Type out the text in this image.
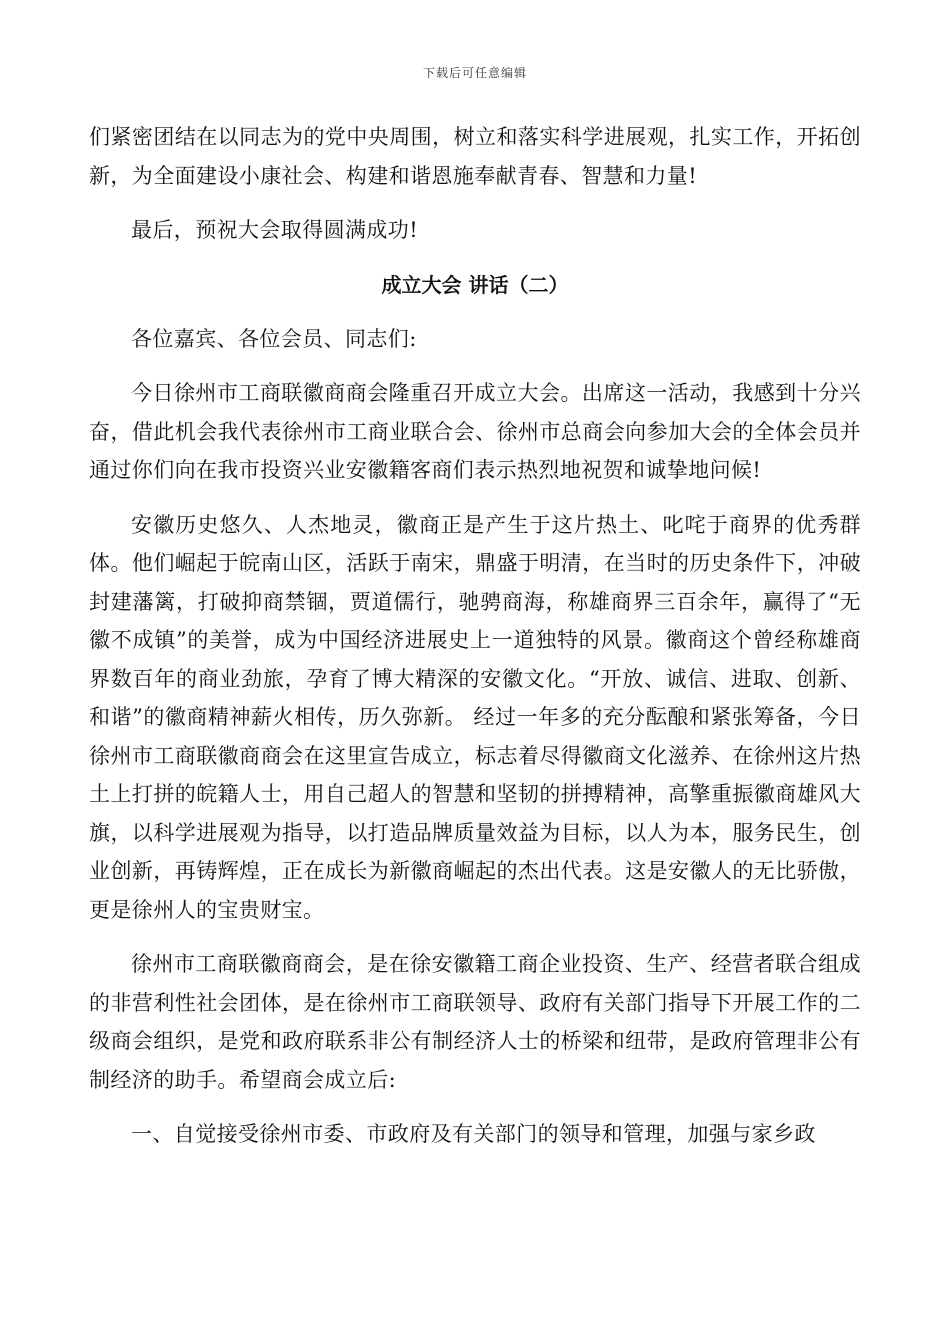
下载后可任意编辑

们紧密团结在以同志为的党中央周围，树立和落实科学进展观，扎实工作，开拓创新，为全面建设小康社会、构建和谐恩施奉献青春、智慧和力量!

最后，预祝大会取得圆满成功!

成立大会 讲话（二）

各位嘉宾、各位会员、同志们:

今日徐州市工商联徽商商会隆重召开成立大会。出席这一活动，我感到十分兴奋，借此机会我代表徐州市工商业联合会、徐州市总商会向参加大会的全体会员并通过你们向在我市投资兴业安徽籍客商们表示热烈地祝贺和诚挚地问候!

安徽历史悠久、人杰地灵，徽商正是产生于这片热土、叱咤于商界的优秀群体。他们崛起于皖南山区，活跃于南宋，鼎盛于明清，在当时的历史条件下，冲破封建藩篱，打破抑商禁锢，贾道儒行，驰骋商海，称雄商界三百余年，赢得了“无徽不成镇”的美誉，成为中国经济进展史上一道独特的风景。徽商这个曾经称雄商界数百年的商业劲旅，孕育了博大精深的安徽文化。“开放、诚信、进取、创新、和谐”的徽商精神薪火相传，历久弥新。 经过一年多的充分酝酿和紧张筹备，今日徐州市工商联徽商商会在这里宣告成立，标志着尽得徽商文化滋养、在徐州这片热土上打拼的皖籍人士，用自己超人的智慧和坚韧的拼搏精神，高擎重振徽商雄风大旗，以科学进展观为指导，以打造品牌质量效益为目标，以人为本，服务民生，创业创新，再铸辉煌，正在成长为新徽商崛起的杰出代表。这是安徽人的无比骄傲，更是徐州人的宝贵财宝。

徐州市工商联徽商商会，是在徐安徽籍工商企业投资、生产、经营者联合组成的非营利性社会团体，是在徐州市工商联领导、政府有关部门指导下开展工作的二级商会组织，是党和政府联系非公有制经济人士的桥梁和纽带，是政府管理非公有制经济的助手。希望商会成立后:

一、自觉接受徐州市委、市政府及有关部门的领导和管理，加强与家乡政
